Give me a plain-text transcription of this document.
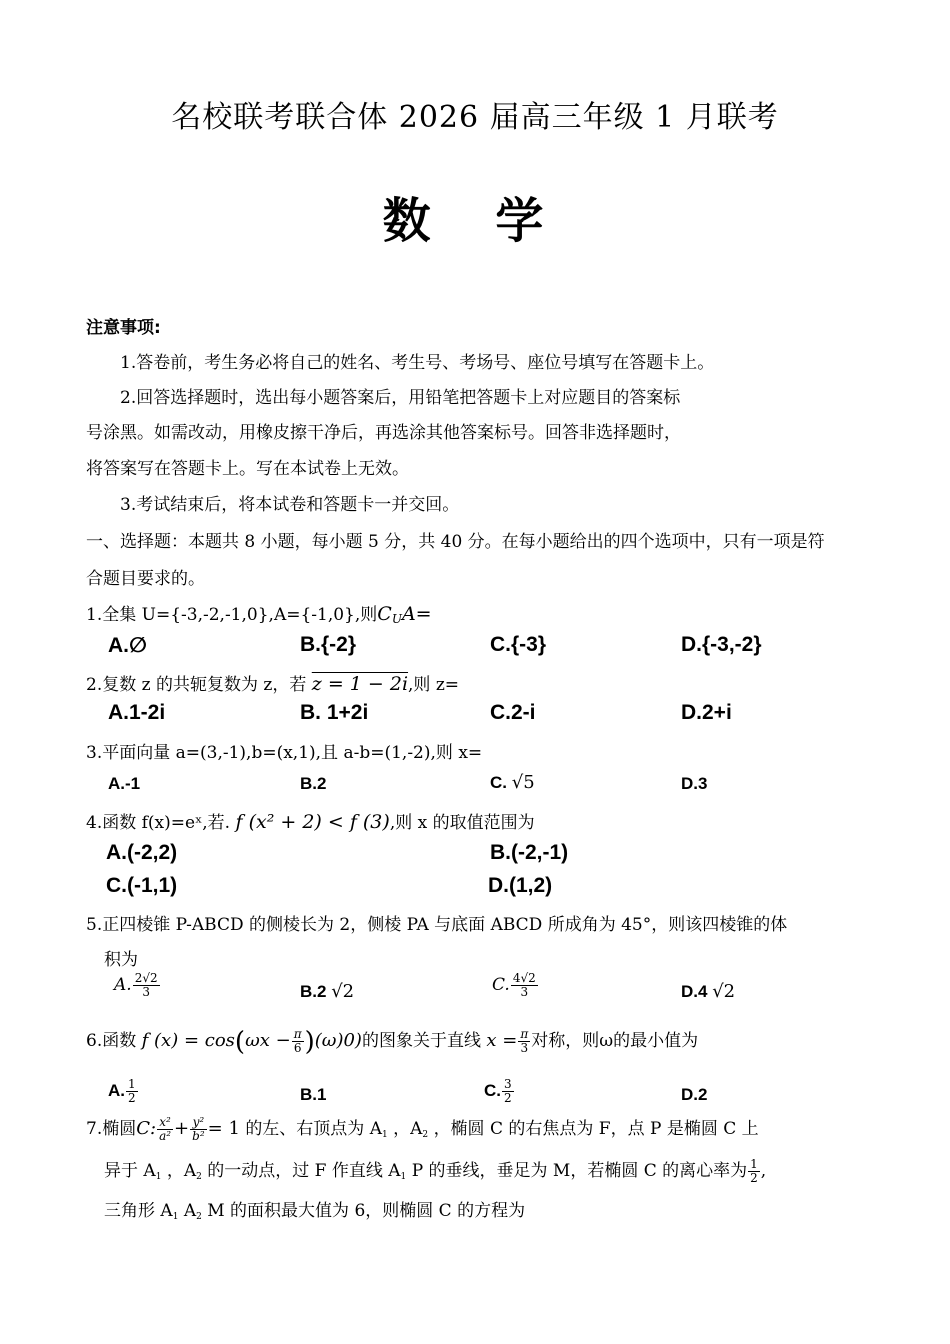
名校联考联合体 2026 届高三年级 1 月联考
数 学
注意事项:
1.答卷前，考生务必将自己的姓名、考生号、考场号、座位号填写在答题卡上。
2.回答选择题时，选出每小题答案后，用铅笔把答题卡上对应题目的答案标
号涂黑。如需改动，用橡皮擦干净后，再选涂其他答案标号。回答非选择题时，
将答案写在答题卡上。写在本试卷上无效。
3.考试结束后，将本试卷和答题卡一并交回。
一、选择题：本题共 8 小题，每小题 5 分，共 40 分。在每小题给出的四个选项中，只有一项是符
合题目要求的。
1.全集 U={-3,-2,-1,0},A={-1,0},则$C_UA=$
A.∅	B.{-2}	C.{-3}	D.{-3,-2}
2.复数 z 的共轭复数为 z，若 z = 1 − 2i,则 z=
A.1-2i	B. 1+2i	C.2-i	D.2+i
3.平面向量 a=(3,-1),b=(x,1),且 a-b=(1,-2),则 x=
A.-1	B.2	C. √5	D.3
4.函数 f(x)=eˣ,若. f (x² + 2) < f (3),则 x 的取值范围为
A.(-2,2)	B.(-2,-1)
C.(-1,1)	D.(1,2)
5.正四棱锥 P-ABCD 的侧棱长为 2，侧棱 PA 与底面 ABCD 所成角为 45°，则该四棱锥的体
积为
A. $\frac{2√2}{3}$	B.2 √2	C. $\frac{4√2}{3}$	D.4 √2
6.函数 f $(x) = \cos(\omega x - \frac{\pi}{6} )(\omega)0$)的图象关于直线 $x = \frac{\pi}{3}$ 对称，则ω的最小值为
A. $\frac{1}{2}$	B.1	C. $\frac{3}{2}$	D.2
7.椭圆C: $\frac{\text{x²}}{\text{a²}} + \frac{\text{y²}}{\text{b²}} = 1$ 的左、右顶点为 $A_1$ ，$A_2$ ，椭圆 C 的右焦点为 F，点 P 是椭圆 C 上
异于 $A_1$ ，$A_2$ 的一动点，过 F 作直线 $A_1$ P 的垂线，垂足为 M，若椭圆 C 的离心率为 $\frac{1}{2}$ ,
三角形 $A_1$ $A_2$ M 的面积最大值为 6，则椭圆 C 的方程为
